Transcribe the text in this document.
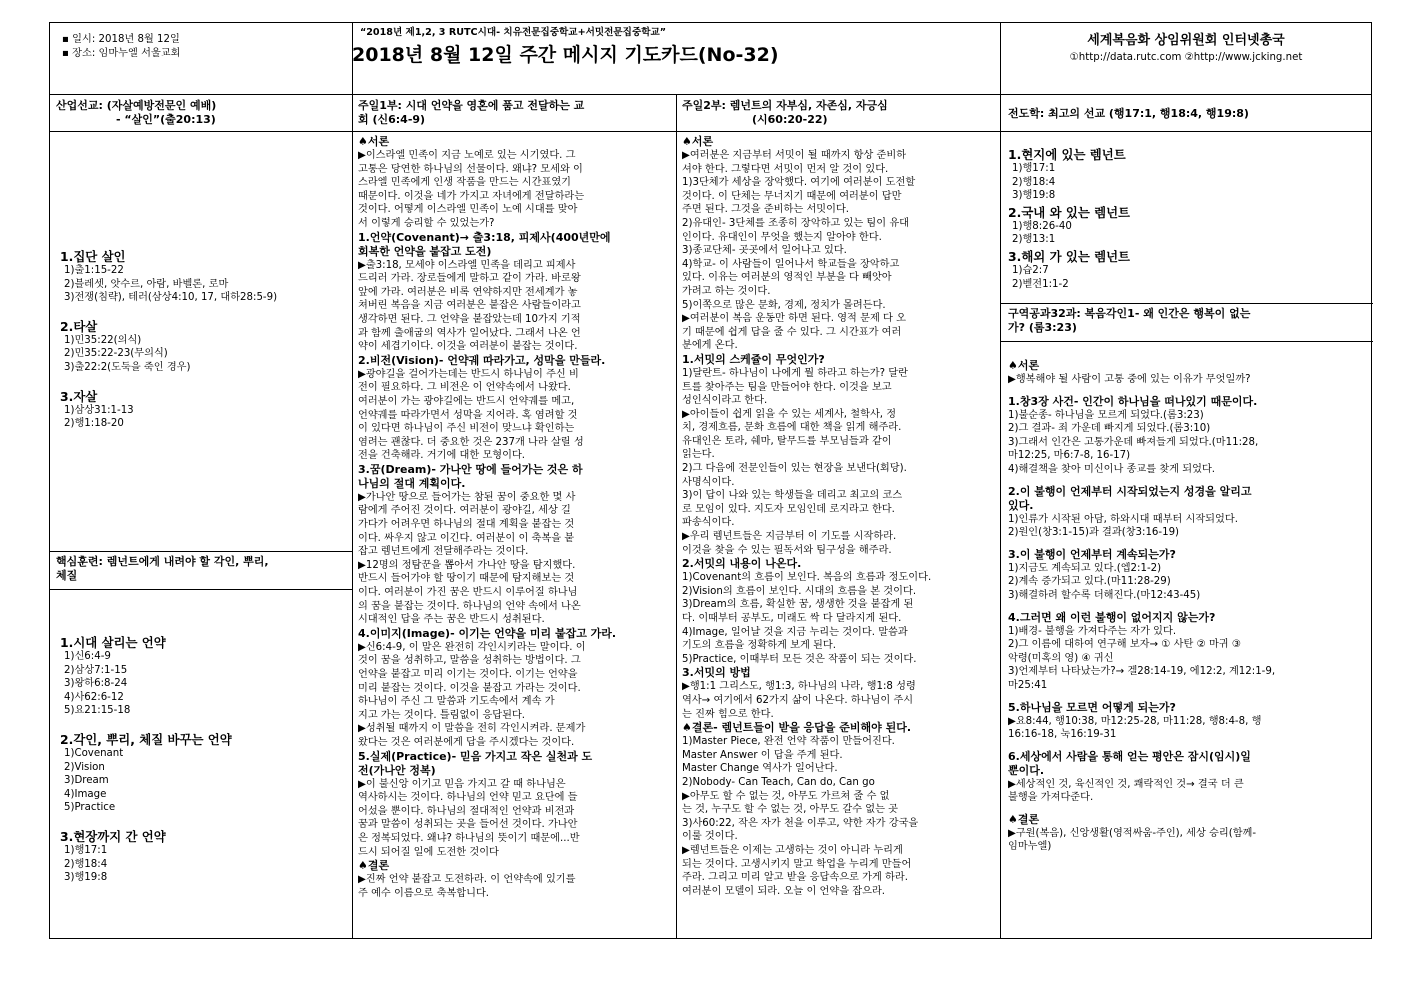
▪ 일시: 2018년 8월 12일
▪ 장소: 임마누엘 서울교회
“2018년 제1,2, 3 RUTC시대- 치유전문집중학교+서밋전문집중학교”
2018년 8월 12일 주간 메시지 기도카드(No-32)
세계복음화 상임위원회 인터넷총국
①http://data.rutc.com ②http://www.jcking.net
산업선교: (자살예방전문인 예배)
- “살인”(출20:13)
1.집단 살인
1)출1:15-22
2)블레셋, 앗수르, 아람, 바벨론, 로마
3)전쟁(침략), 테러(삼상4:10, 17, 대하28:5-9)
2.타살
1)민35:22(의식)
2)민35:22-23(무의식)
3)출22:2(도둑을 죽인 경우)
3.자살
1)삼상31:1-13
2)행1:18-20
핵심훈련: 렘넌트에게 내려야 할 각인, 뿌리,
체질
1.시대 살리는 언약
1)신6:4-9
2)삼상7:1-15
3)왕하6:8-24
4)사62:6-12
5)요21:15-18
2.각인, 뿌리, 체질 바꾸는 언약
1)Covenant
2)Vision
3)Dream
4)Image
5)Practice
3.현장까지 간 언약
1)행17:1
2)행18:4
3)행19:8
주일1부: 시대 언약을 영혼에 품고 전달하는 교
회 (신6:4-9)
♠서론
▶이스라엘 민족이 지금 노예로 있는 시기였다. 그
고통은 당연한 하나님의 선물이다. 왜냐? 모세와 이
스라엘 민족에게 인생 작품을 만드는 시간표였기
때문이다. 이것을 네가 가지고 자녀에게 전달하라는
것이다. 어떻게 이스라엘 민족이 노예 시대를 맞아
서 이렇게 승리할 수 있었는가?
1.언약(Covenant)→ 출3:18, 피제사(400년만에
회복한 언약을 붙잡고 도전)
▶출3:18, 모세야 이스라엘 민족을 데리고 피제사
드리러 가라. 장로들에게 말하고 같이 가라. 바로왕
앞에 가라. 여러분은 비록 연약하지만 전세계가 놓
쳐버린 복음을 지금 여러분은 붙잡은 사람들이라고
생각하면 된다. 그 언약을 붙잡았는데 10가지 기적
과 함께 출애굽의 역사가 일어났다. 그래서 나온 언
약이 세겹기이다. 이것을 여러분이 붙잡는 것이다.
2.비전(Vision)- 언약궤 따라가고, 성막을 만들라.
▶광야길을 걸어가는데는 반드시 하나님이 주신 비
전이 필요하다. 그 비전은 이 언약속에서 나왔다.
여러분이 가는 광야길에는 반드시 언약궤를 메고,
언약궤를 따라가면서 성막을 지어라. 혹 염려할 것
이 있다면 하나님이 주신 비전이 맞느냐 확인하는
염려는 괜찮다. 더 중요한 것은 237개 나라 살릴 성
전을 건축해라. 거기에 대한 모형이다.
3.꿈(Dream)- 가나안 땅에 들어가는 것은 하
나님의 절대 계획이다.
▶가나안 땅으로 들어가는 참된 꿈이 중요한 몇 사
람에게 주어진 것이다. 여러분이 광야길, 세상 길
가다가 어려우면 하나님의 절대 계획을 붙잡는 것
이다. 싸우지 않고 이긴다. 여러분이 이 축복을 붙
잡고 렘넌트에게 전달해주라는 것이다.
▶12명의 정탐꾼을 뽑아서 가나안 땅을 탐지했다.
반드시 들어가야 할 땅이기 때문에 탐지해보는 것
이다. 여러분이 가진 꿈은 반드시 이루어질 하나님
의 꿈을 붙잡는 것이다. 하나님의 언약 속에서 나온
시대적인 답을 주는 꿈은 반드시 성취된다.
4.이미지(Image)- 이기는 언약을 미리 붙잡고 가라.
▶신6:4-9, 이 말은 완전히 각인시키라는 말이다. 이
것이 꿈을 성취하고, 말씀을 성취하는 방법이다. 그
언약을 붙잡고 미리 이기는 것이다. 이기는 언약을
미리 붙잡는 것이다. 이것을 붙잡고 가라는 것이다.
하나님이 주신 그 말씀과 기도속에서 계속 가
지고 가는 것이다. 틀림없이 응답된다.
▶성취될 때까지 이 말씀을 전히 각인시켜라. 문제가
왔다는 것은 여러분에게 답을 주시겠다는 것이다.
5.실제(Practice)- 믿음 가지고 작은 실천과 도
전(가나안 정복)
▶이 불신앙 이기고 믿음 가지고 갈 때 하나님은
역사하시는 것이다. 하나님의 언약 믿고 요단에 들
어섰을 뿐이다. 하나님의 절대적인 언약과 비전과
꿈과 말씀이 성취되는 곳을 들어선 것이다. 가나안
은 정복되었다. 왜냐? 하나님의 뜻이기 때문에...반
드시 되어질 일에 도전한 것이다
♠결론
▶진짜 언약 붙잡고 도전하라. 이 언약속에 있기를
주 예수 이름으로 축복합니다.
주일2부: 렘넌트의 자부심, 자존심, 자긍심
(시60:20-22)
♠서론
▶여러분은 지금부터 서밋이 될 때까지 항상 준비하
셔야 한다. 그렇다면 서밋이 먼저 알 것이 있다.
1)3단체가 세상을 장악했다. 여기에 여러분이 도전할
것이다. 이 단체는 무너지기 때문에 여러분이 답만
주면 된다. 그것을 준비하는 서밋이다.
2)유대인- 3단체를 조종히 장악하고 있는 팀이 유대
인이다. 유대인이 무엇을 했는지 알아야 한다.
3)종교단체- 곳곳에서 일어나고 있다.
4)학교- 이 사람들이 일어나서 학교들을 장악하고
있다. 이유는 여러분의 영적인 부분을 다 빼앗아
가려고 하는 것이다.
5)이쪽으로 많은 문화, 경제, 정치가 몰려든다.
▶여러분이 복음 운동만 하면 된다. 영적 문제 다 오
기 때문에 쉽게 답을 줄 수 있다. 그 시간표가 여러
분에게 온다.
1.서밋의 스케쥴이 무엇인가?
1)달란트- 하나님이 나에게 뭘 하라고 하는가? 달란
트를 찾아주는 팀을 만들어야 한다. 이것을 보고
성인식이라고 한다.
▶아이들이 쉽게 읽을 수 있는 세계사, 철학사, 정
치, 경제흐름, 문화 흐름에 대한 책을 읽게 해주라.
유대인은 토라, 쉐마, 탈무드를 부모님들과 같이
읽는다.
2)그 다음에 전문인들이 있는 현장을 보낸다(회당).
사명식이다.
3)이 답이 나와 있는 학생들을 데리고 최고의 코스
로 모임이 있다. 지도자 모임인데 로지라고 한다.
파송식이다.
▶우리 렘넌트들은 지금부터 이 기도를 시작하라.
이것을 찾을 수 있는 필독서와 팀구성을 해주라.
2.서밋의 내용이 나온다.
1)Covenant의 흐름이 보인다. 복음의 흐름과 정도이다.
2)Vision의 흐름이 보인다. 시대의 흐름을 본 것이다.
3)Dream의 흐름, 확실한 꿈, 생생한 것을 붙잡게 된
다. 이때부터 공부도, 미래도 싹 다 달라지게 된다.
4)Image, 일어날 것을 지금 누리는 것이다. 말씀과
기도의 흐름을 정확하게 보게 된다.
5)Practice, 이때부터 모든 것은 작품이 되는 것이다.
3.서밋의 방법
▶행1:1 그리스도, 행1:3, 하나님의 나라, 행1:8 성령
역사→ 여기에서 62가지 삶이 나온다. 하나님이 주시
는 진짜 힘으로 한다.
♠결론- 렘넌트들이 받을 응답을 준비해야 된다.
1)Master Piece, 완전 언약 작품이 만들어진다.
Master Answer 이 답을 주게 된다.
Master Change 역사가 일어난다.
2)Nobody- Can Teach, Can do, Can go
▶아무도 할 수 없는 것, 아무도 가르쳐 줄 수 없
는 것, 누구도 할 수 없는 것, 아무도 갈수 없는 곳
3)사60:22, 작은 자가 천을 이루고, 약한 자가 강국을
이룰 것이다.
▶렘넌트들은 이제는 고생하는 것이 아니라 누리게
되는 것이다. 고생시키지 말고 학업을 누리게 만들어
주라. 그리고 미리 알고 받을 응답속으로 가게 하라.
여러분이 모델이 되라. 오늘 이 언약을 잡으라.
전도학: 최고의 선교 (행17:1, 행18:4, 행19:8)
1.현지에 있는 렘넌트
1)행17:1
2)행18:4
3)행19:8
2.국내 와 있는 렘넌트
1)행8:26-40
2)행13:1
3.해외 가 있는 렘넌트
1)습2:7
2)벧전1:1-2
구역공과32과: 복음각인1- 왜 인간은 행복이 없는
가? (롬3:23)
♠서론
▶행복해야 될 사람이 고통 중에 있는 이유가 무엇일까?
1.창3장 사건- 인간이 하나님을 떠나있기 때문이다.
1)불순종- 하나님을 모르게 되었다.(롬3:23)
2)그 결과- 죄 가운데 빠지게 되었다.(롬3:10)
3)그래서 인간은 고통가운데 빠져들게 되었다.(마11:28,
마12:25, 마6:7-8, 16-17)
4)해결책을 찾아 미신이나 종교를 찾게 되었다.
2.이 불행이 언제부터 시작되었는지 성경을 알리고
있다.
1)인류가 시작된 아담, 하와시대 때부터 시작되었다.
2)원인(창3:1-15)과 결과(창3:16-19)
3.이 불행이 언제부터 계속되는가?
1)지금도 계속되고 있다.(엡2:1-2)
2)계속 증가되고 있다.(마11:28-29)
3)해결하려 할수록 더해진다.(마12:43-45)
4.그러면 왜 이런 불행이 없어지지 않는가?
1)배경- 불행을 가져다주는 자가 있다.
2)그 이름에 대하여 연구해 보자→ ① 사탄 ② 마귀 ③
악령(미혹의 영) ④ 귀신
3)언제부터 나타났는가?→ 겔28:14-19, 에12:2, 계12:1-9,
마25:41
5.하나님을 모르면 어떻게 되는가?
▶요8:44, 행10:38, 마12:25-28, 마11:28, 행8:4-8, 행
16:16-18, 눅16:19-31
6.세상에서 사람을 통해 얻는 평안은 잠시(임시)일
뿐이다.
▶세상적인 것, 육신적인 것, 쾌락적인 것→ 결국 더 큰
불행을 가져다준다.
♠결론
▶구원(복음), 신앙생활(영적싸움-주인), 세상 승리(함께-
임마누엘)
